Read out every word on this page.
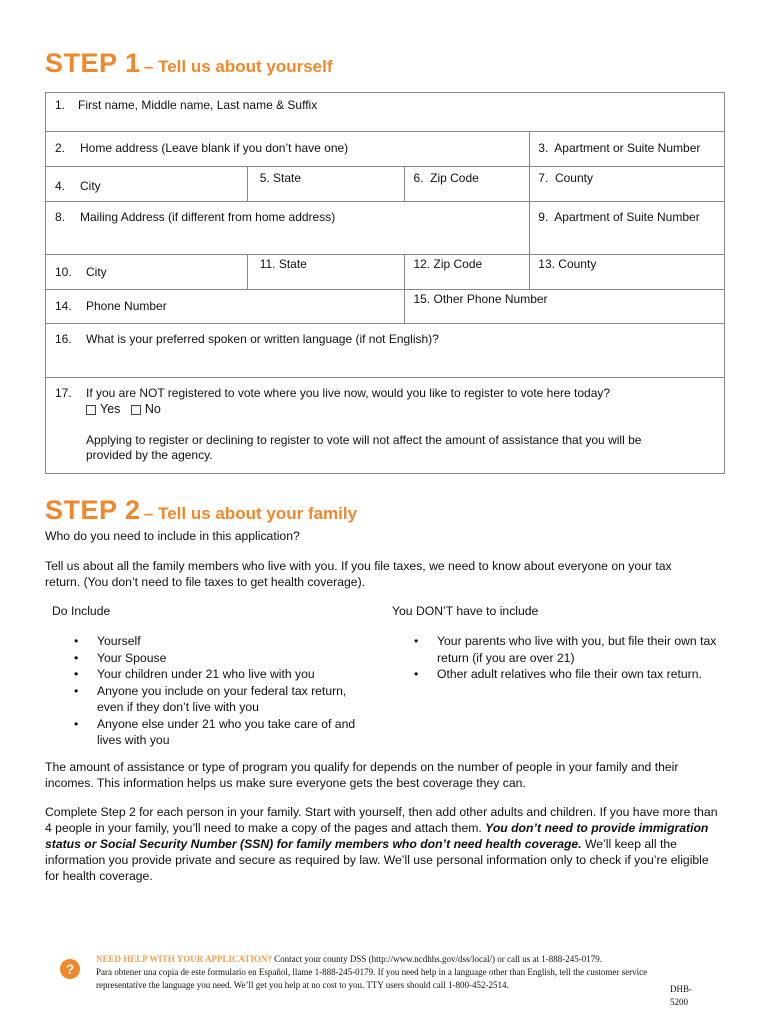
STEP 1 – Tell us about yourself
1. First name, Middle name, Last name & Suffix			

2. Home address (Leave blank if you don’t have one)			3. Apartment or Suite Number

4. City	5. State	6. Zip Code	7. County

8. Mailing Address (if different from home address)			9. Apartment of Suite Number

10. City	11. State	12. Zip Code	13. County

14. Phone Number		15. Other Phone Number	

16. What is your preferred spoken or written language (if not English)?			

17. If you are NOT registered to vote where you live now, would you like to register to vote here today?
Yes No
Applying to register or declining to register to vote will not affect the amount of assistance that you will be provided by the agency.			
STEP 2 – Tell us about your family

Who do you need to include in this application?

Tell us about all the family members who live with you. If you file taxes, we need to know about everyone on your tax return. (You don’t need to file taxes to get health coverage).

Do Include	You DON’T have to include

• Yourself
• Your Spouse
• Your children under 21 who live with you
• Anyone you include on your federal tax return, even if they don’t live with you
• Anyone else under 21 who you take care of and lives with you
• Your parents who live with you, but file their own tax return (if you are over 21)
• Other adult relatives who file their own tax return.

The amount of assistance or type of program you qualify for depends on the number of people in your family and their incomes. This information helps us make sure everyone gets the best coverage they can.

Complete Step 2 for each person in your family. Start with yourself, then add other adults and children. If you have more than 4 people in your family, you’ll need to make a copy of the pages and attach them. You don’t need to provide immigration status or Social Security Number (SSN) for family members who don’t need health coverage. We’ll keep all the information you provide private and secure as required by law. We’ll use personal information only to check if you’re eligible for health coverage.

?
NEED HELP WITH YOUR APPLICATION? Contact your county DSS (http://www.ncdhhs.gov/dss/local/) or call us at 1-888-245-0179.
Para obtener una copia de este formulario en Español, llame 1-888-245-0179. If you need help in a language other than English, tell the customer service representative the language you need. We’ll get you help at no cost to you. TTY users should call 1-800-452-2514.	DHB-5200
